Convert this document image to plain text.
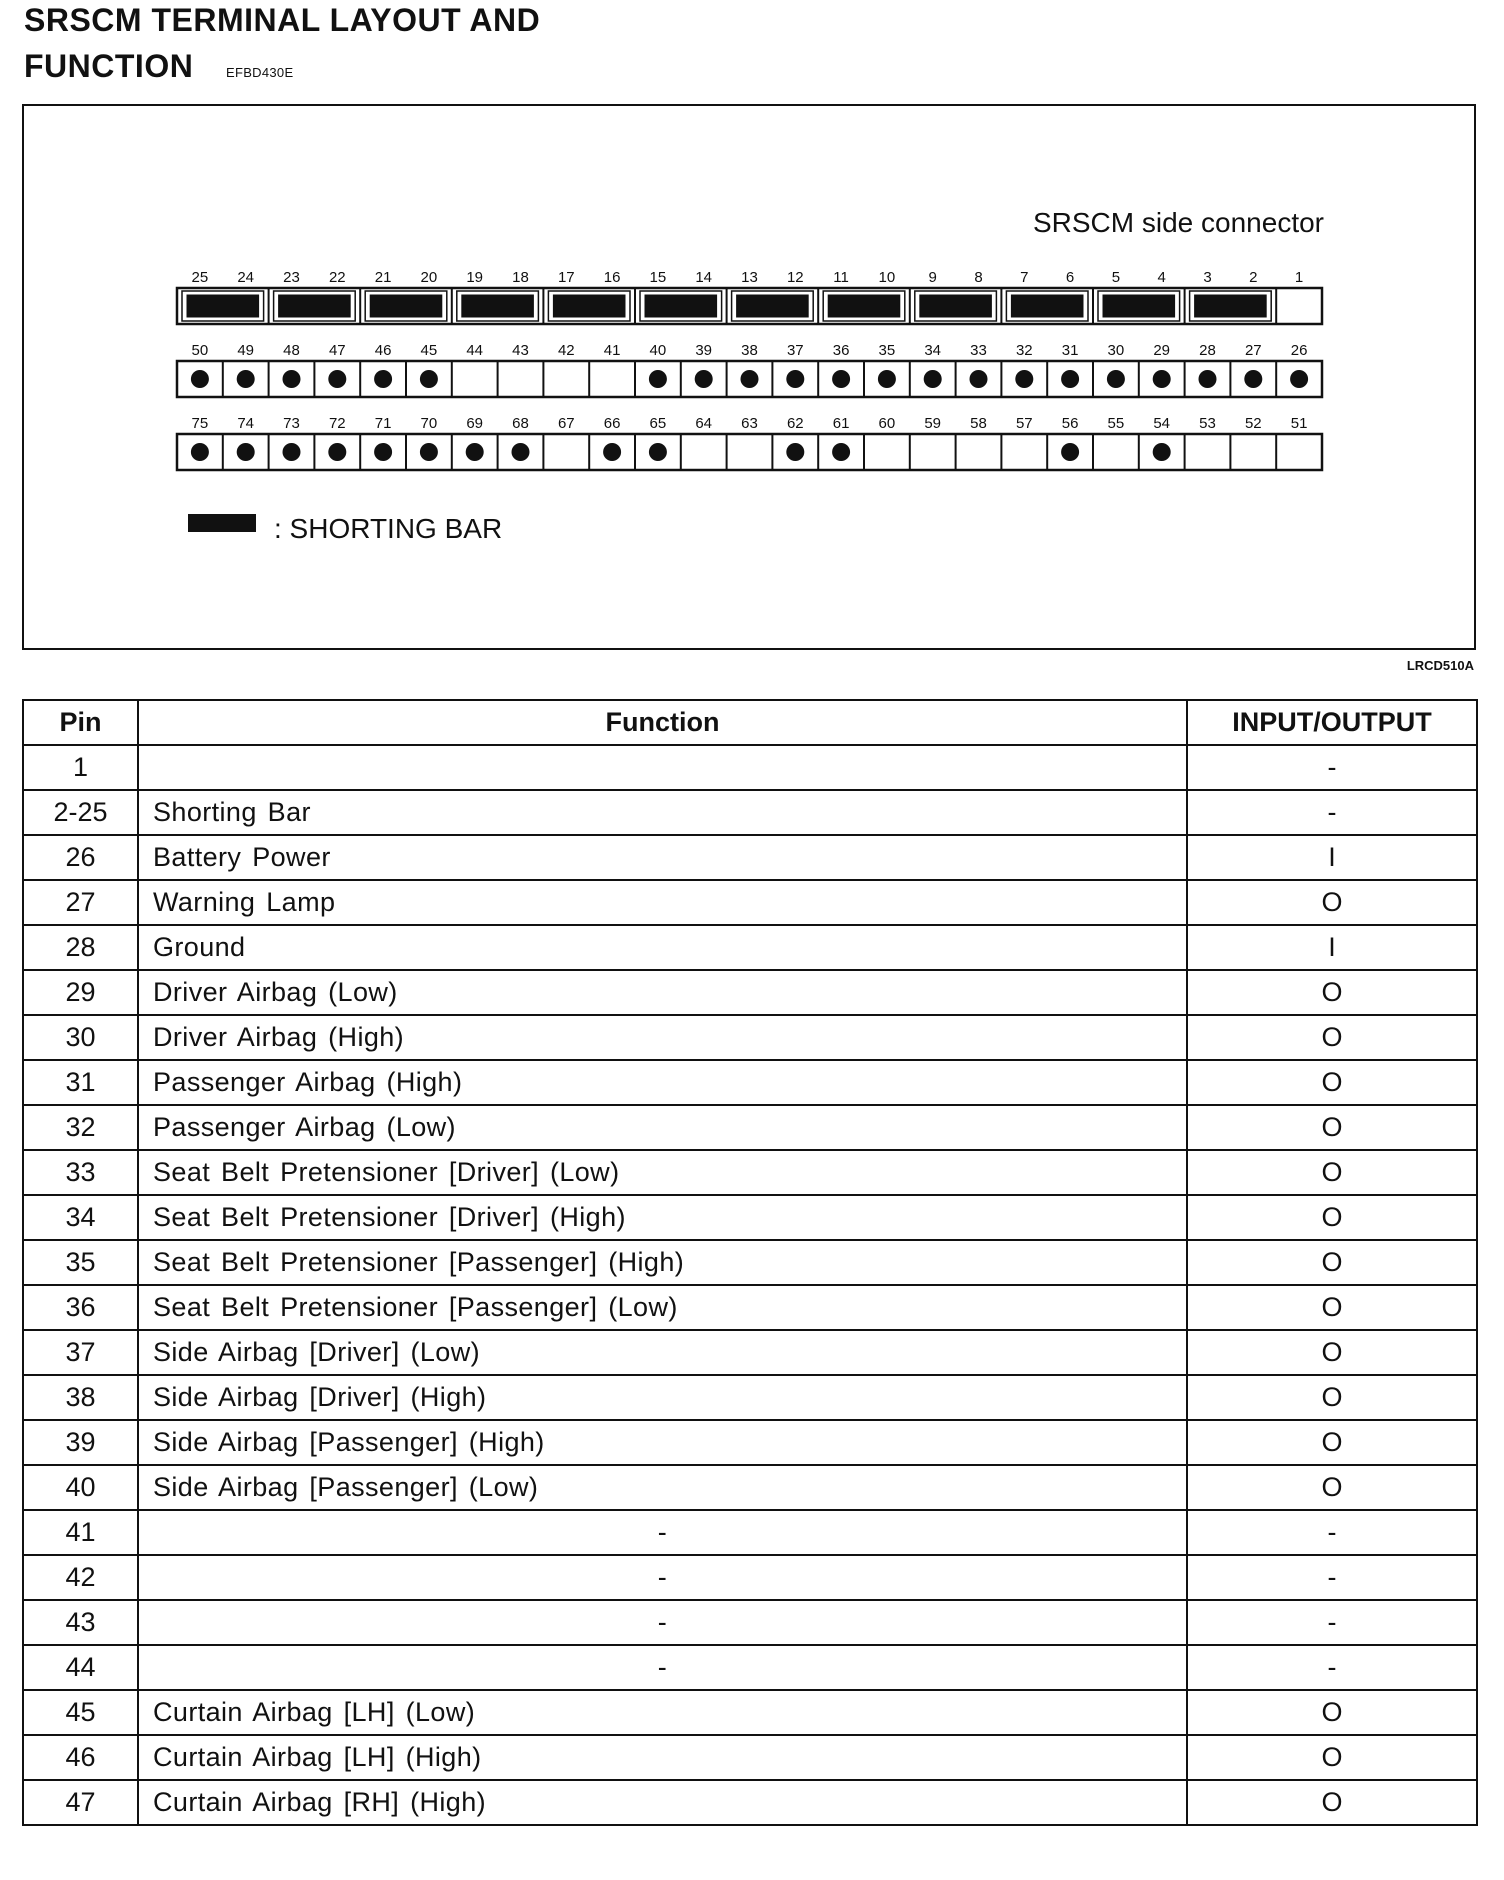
SRSCM TERMINAL LAYOUT AND
FUNCTION	EFBD430E
SRSCM side connector
25 24 23 22 21 20 19 18 17 16 15 14 13 12 11 10 9 8 7 6 5 4 3 2 1
50 49 48 47 46 45 44 43 42 41 40 39 38 37 36 35 34 33 32 31 30 29 28 27 26
75 74 73 72 71 70 69 68 67 66 65 64 63 62 61 60 59 58 57 56 55 54 53 52 51
: SHORTING BAR
LRCD510A
Pin	Function	INPUT/OUTPUT
1		-
2-25	Shorting Bar	-
26	Battery Power	I
27	Warning Lamp	O
28	Ground	I
29	Driver Airbag (Low)	O
30	Driver Airbag (High)	O
31	Passenger Airbag (High)	O
32	Passenger Airbag (Low)	O
33	Seat Belt Pretensioner [Driver] (Low)	O
34	Seat Belt Pretensioner [Driver] (High)	O
35	Seat Belt Pretensioner [Passenger] (High)	O
36	Seat Belt Pretensioner [Passenger] (Low)	O
37	Side Airbag [Driver] (Low)	O
38	Side Airbag [Driver] (High)	O
39	Side Airbag [Passenger] (High)	O
40	Side Airbag [Passenger] (Low)	O
41	-	-
42	-	-
43	-	-
44	-	-
45	Curtain Airbag [LH] (Low)	O
46	Curtain Airbag [LH] (High)	O
47	Curtain Airbag [RH] (High)	O
